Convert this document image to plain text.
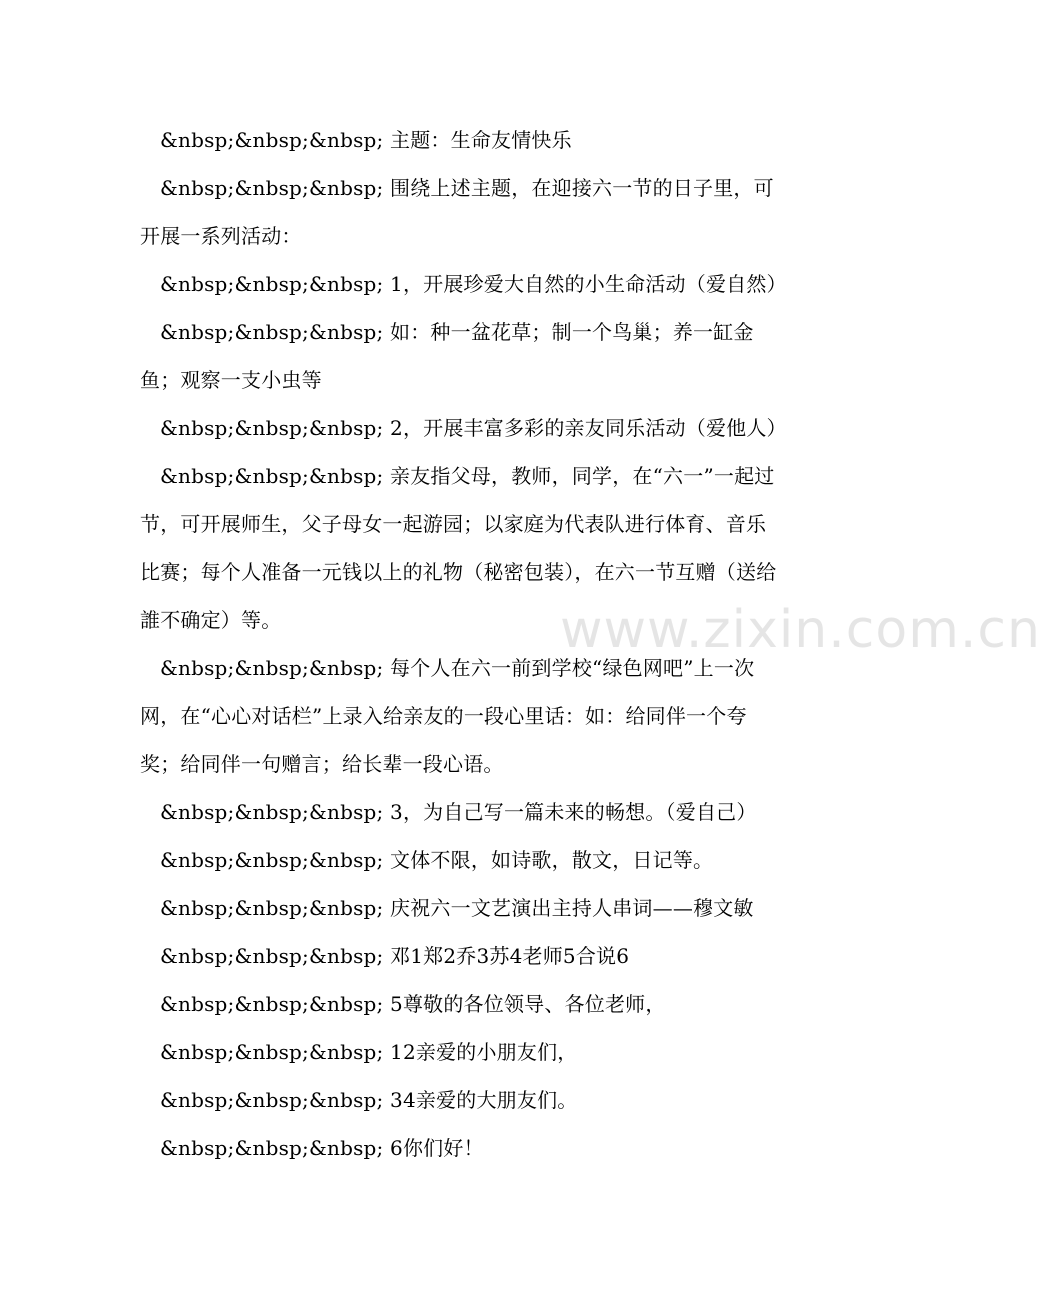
&nbsp;&nbsp;&nbsp; 主题：生命友情快乐

&nbsp;&nbsp;&nbsp; 围绕上述主题，在迎接六一节的日子里，可开展一系列活动：

&nbsp;&nbsp;&nbsp; 1，开展珍爱大自然的小生命活动（爱自然）

&nbsp;&nbsp;&nbsp; 如：种一盆花草；制一个鸟巢；养一缸金鱼；观察一支小虫等

&nbsp;&nbsp;&nbsp; 2，开展丰富多彩的亲友同乐活动（爱他人）

&nbsp;&nbsp;&nbsp; 亲友指父母，教师，同学，在“六一”一起过节，可开展师生，父子母女一起游园；以家庭为代表队进行体育、音乐比赛；每个人准备一元钱以上的礼物（秘密包装），在六一节互赠（送给誰不确定）等。

&nbsp;&nbsp;&nbsp; 每个人在六一前到学校“绿色网吧”上一次网，在“心心对话栏”上录入给亲友的一段心里话：如：给同伴一个夸奖；给同伴一句赠言；给长辈一段心语。

&nbsp;&nbsp;&nbsp; 3，为自己写一篇未来的畅想。（爱自己）

&nbsp;&nbsp;&nbsp; 文体不限，如诗歌，散文，日记等。

&nbsp;&nbsp;&nbsp; 庆祝六一文艺演出主持人串词——穆文敏

&nbsp;&nbsp;&nbsp; 邓1郑2乔3苏4老师5合说6

&nbsp;&nbsp;&nbsp; 5尊敬的各位领导、各位老师，

&nbsp;&nbsp;&nbsp; 12亲爱的小朋友们，

&nbsp;&nbsp;&nbsp; 34亲爱的大朋友们。

&nbsp;&nbsp;&nbsp; 6你们好！

www.zixin.com.cn
